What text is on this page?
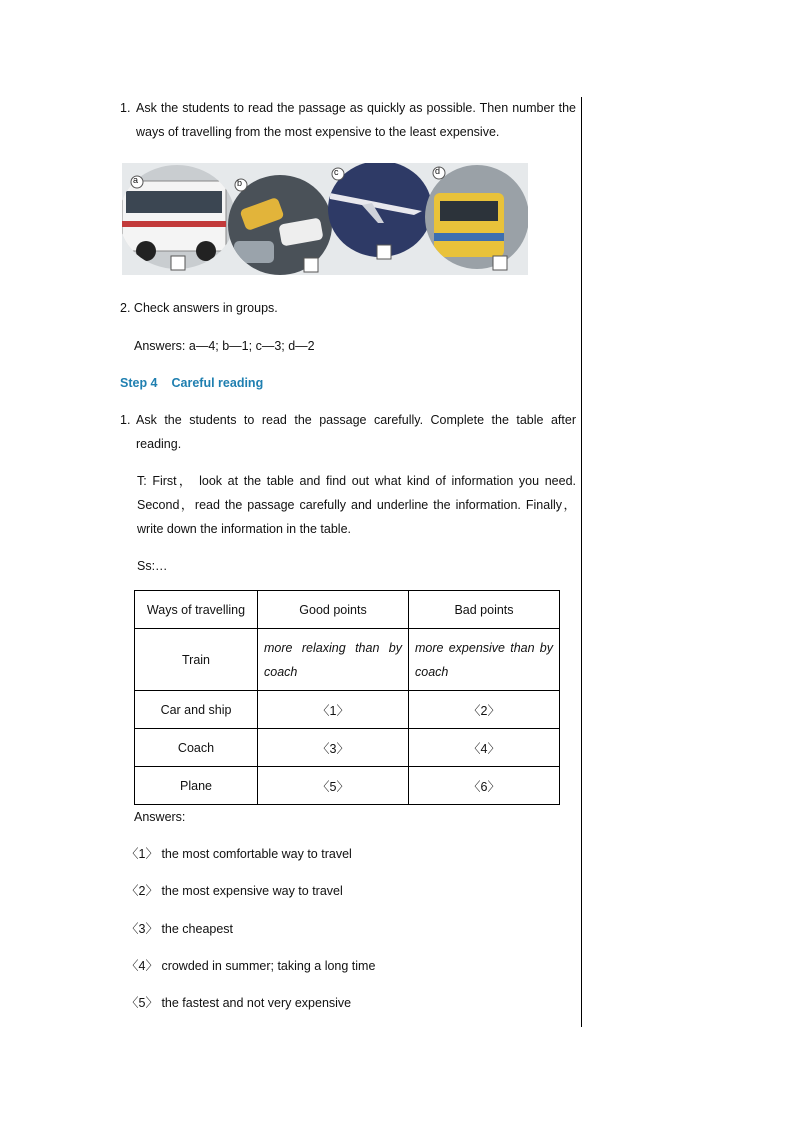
1. Ask the students to read the passage as quickly as possible. Then number the ways of travelling from the most expensive to the least expensive.
a	b
c	d
2. Check answers in groups.
Answers: a—4; b—1; c—3; d—2
Step 4 Careful reading
1. Ask the students to read the passage carefully. Complete the table after reading.
T: First， look at the table and find out what kind of information you need. Second，read the passage carefully and underline the information. Finally， write down the information in the table.
Ss:…
Ways of travelling	Good points	Bad points
Train	more relaxing than by coach	more expensive than by coach
Car and ship	〈1〉	〈2〉
Coach	〈3〉	〈4〉
Plane	〈5〉	〈6〉
Answers:
〈1〉 the most comfortable way to travel
〈2〉 the most expensive way to travel
〈3〉 the cheapest
〈4〉 crowded in summer; taking a long time
〈5〉 the fastest and not very expensive
